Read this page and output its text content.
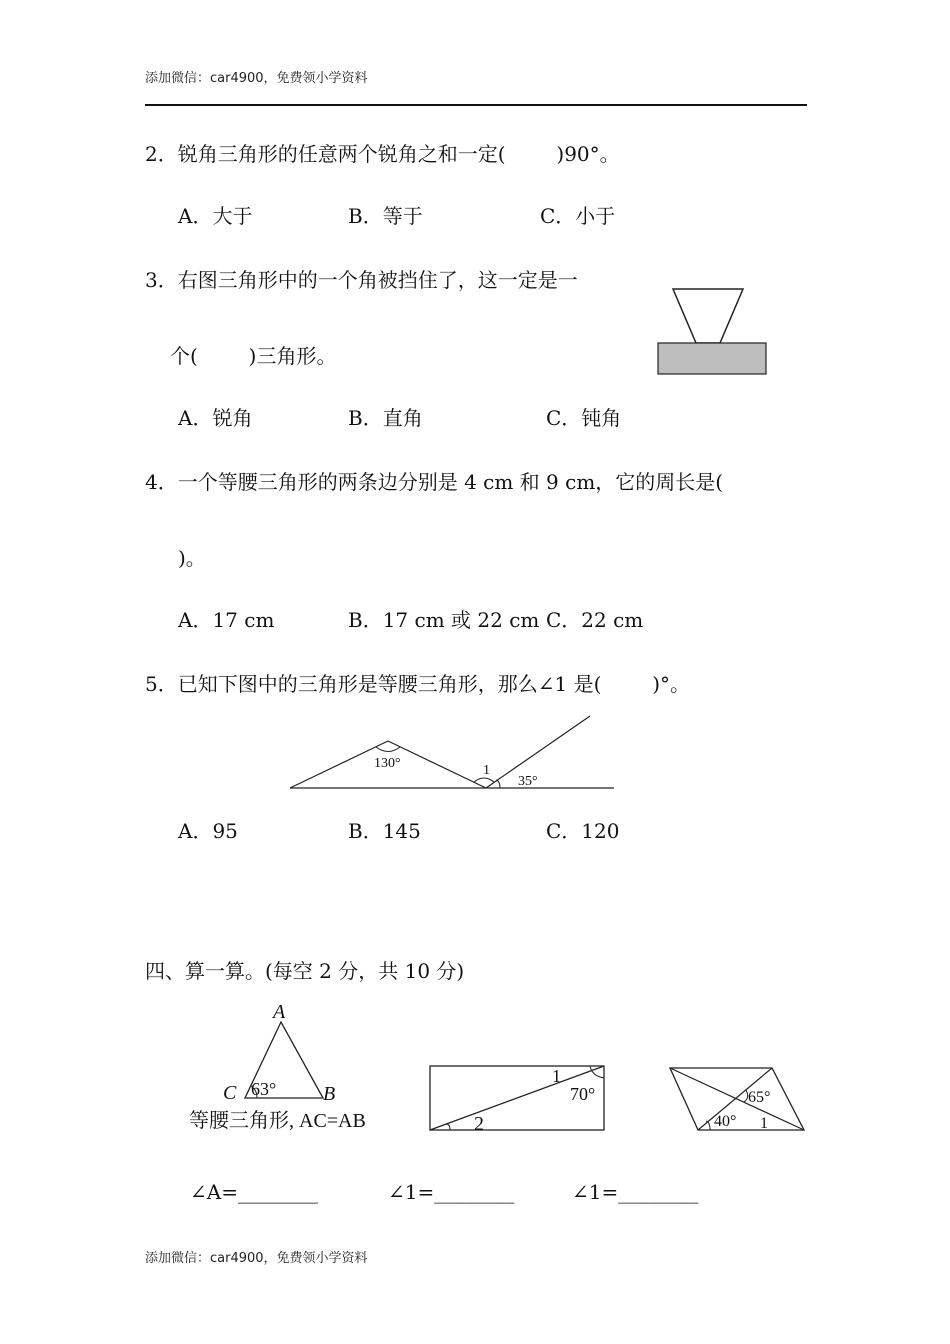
添加微信：car4900，免费领小学资料
2．锐角三角形的任意两个锐角之和一定(        )90°。
A．大于	B．等于	C．小于
3．右图三角形中的一个角被挡住了，这一定是一
个(        )三角形。
A．锐角	B．直角	C．钝角
4．一个等腰三角形的两条边分别是 4 cm 和 9 cm，它的周长是(
)。
A．17 cm	B．17 cm 或 22 cm C．22 cm
5．已知下图中的三角形是等腰三角形，那么∠1 是(        )°。
130°	1
35°
A．95	B．145	C．120
四、算一算。(每空 2 分，共 10 分)
A
C 63° B
等腰三角形, AC=AB
1
70°
2
65°
40° 1
∠A=________	∠1=________	∠1=________
添加微信：car4900，免费领小学资料
